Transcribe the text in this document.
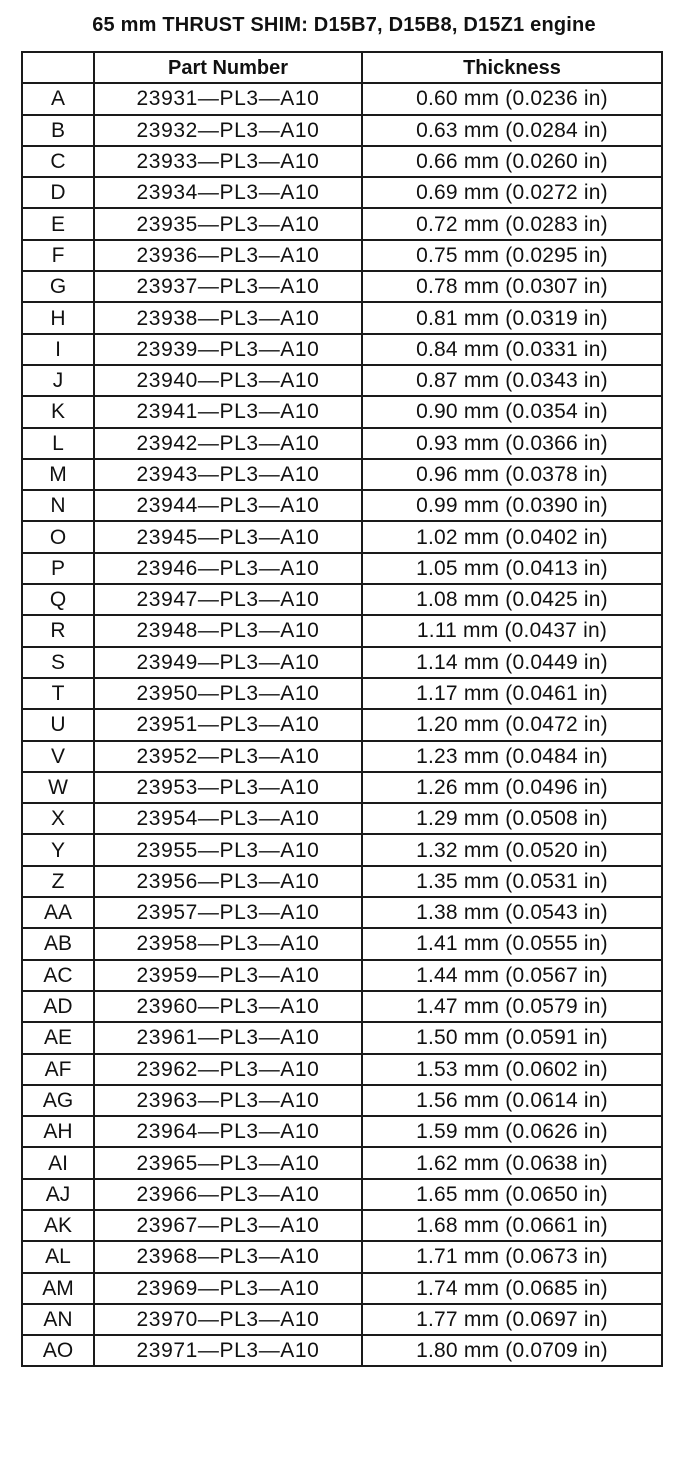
65 mm THRUST SHIM: D15B7, D15B8, D15Z1 engine
	Part Number	Thickness
A	23931—PL3—A10	0.60 mm (0.0236 in)
B	23932—PL3—A10	0.63 mm (0.0284 in)
C	23933—PL3—A10	0.66 mm (0.0260 in)
D	23934—PL3—A10	0.69 mm (0.0272 in)
E	23935—PL3—A10	0.72 mm (0.0283 in)
F	23936—PL3—A10	0.75 mm (0.0295 in)
G	23937—PL3—A10	0.78 mm (0.0307 in)
H	23938—PL3—A10	0.81 mm (0.0319 in)
I	23939—PL3—A10	0.84 mm (0.0331 in)
J	23940—PL3—A10	0.87 mm (0.0343 in)
K	23941—PL3—A10	0.90 mm (0.0354 in)
L	23942—PL3—A10	0.93 mm (0.0366 in)
M	23943—PL3—A10	0.96 mm (0.0378 in)
N	23944—PL3—A10	0.99 mm (0.0390 in)
O	23945—PL3—A10	1.02 mm (0.0402 in)
P	23946—PL3—A10	1.05 mm (0.0413 in)
Q	23947—PL3—A10	1.08 mm (0.0425 in)
R	23948—PL3—A10	1.11 mm (0.0437 in)
S	23949—PL3—A10	1.14 mm (0.0449 in)
T	23950—PL3—A10	1.17 mm (0.0461 in)
U	23951—PL3—A10	1.20 mm (0.0472 in)
V	23952—PL3—A10	1.23 mm (0.0484 in)
W	23953—PL3—A10	1.26 mm (0.0496 in)
X	23954—PL3—A10	1.29 mm (0.0508 in)
Y	23955—PL3—A10	1.32 mm (0.0520 in)
Z	23956—PL3—A10	1.35 mm (0.0531 in)
AA	23957—PL3—A10	1.38 mm (0.0543 in)
AB	23958—PL3—A10	1.41 mm (0.0555 in)
AC	23959—PL3—A10	1.44 mm (0.0567 in)
AD	23960—PL3—A10	1.47 mm (0.0579 in)
AE	23961—PL3—A10	1.50 mm (0.0591 in)
AF	23962—PL3—A10	1.53 mm (0.0602 in)
AG	23963—PL3—A10	1.56 mm (0.0614 in)
AH	23964—PL3—A10	1.59 mm (0.0626 in)
AI	23965—PL3—A10	1.62 mm (0.0638 in)
AJ	23966—PL3—A10	1.65 mm (0.0650 in)
AK	23967—PL3—A10	1.68 mm (0.0661 in)
AL	23968—PL3—A10	1.71 mm (0.0673 in)
AM	23969—PL3—A10	1.74 mm (0.0685 in)
AN	23970—PL3—A10	1.77 mm (0.0697 in)
AO	23971—PL3—A10	1.80 mm (0.0709 in)
